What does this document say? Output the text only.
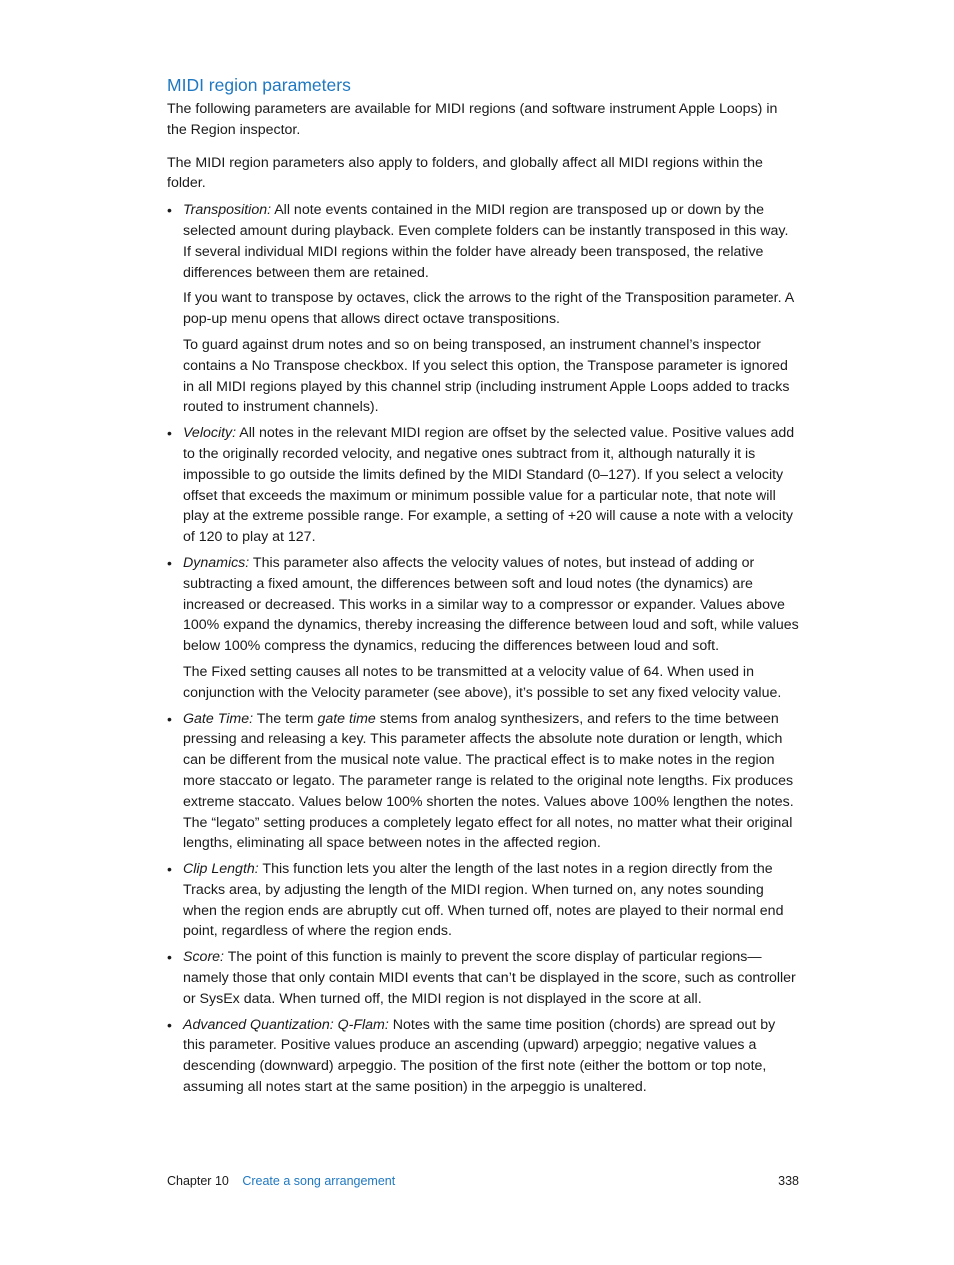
MIDI region parameters

The following parameters are available for MIDI regions (and software instrument Apple Loops) in the Region inspector.

The MIDI region parameters also apply to folders, and globally affect all MIDI regions within the folder.

• Transposition: All note events contained in the MIDI region are transposed up or down by the selected amount during playback. Even complete folders can be instantly transposed in this way. If several individual MIDI regions within the folder have already been transposed, the relative differences between them are retained.

If you want to transpose by octaves, click the arrows to the right of the Transposition parameter. A pop-up menu opens that allows direct octave transpositions.

To guard against drum notes and so on being transposed, an instrument channel’s inspector contains a No Transpose checkbox. If you select this option, the Transpose parameter is ignored in all MIDI regions played by this channel strip (including instrument Apple Loops added to tracks routed to instrument channels).

• Velocity: All notes in the relevant MIDI region are offset by the selected value. Positive values add to the originally recorded velocity, and negative ones subtract from it, although naturally it is impossible to go outside the limits defined by the MIDI Standard (0–127). If you select a velocity offset that exceeds the maximum or minimum possible value for a particular note, that note will play at the extreme possible range. For example, a setting of +20 will cause a note with a velocity of 120 to play at 127.

• Dynamics: This parameter also affects the velocity values of notes, but instead of adding or subtracting a fixed amount, the differences between soft and loud notes (the dynamics) are increased or decreased. This works in a similar way to a compressor or expander. Values above 100% expand the dynamics, thereby increasing the difference between loud and soft, while values below 100% compress the dynamics, reducing the differences between loud and soft.

The Fixed setting causes all notes to be transmitted at a velocity value of 64. When used in conjunction with the Velocity parameter (see above), it’s possible to set any fixed velocity value.

• Gate Time: The term gate time stems from analog synthesizers, and refers to the time between pressing and releasing a key. This parameter affects the absolute note duration or length, which can be different from the musical note value. The practical effect is to make notes in the region more staccato or legato. The parameter range is related to the original note lengths. Fix produces extreme staccato. Values below 100% shorten the notes. Values above 100% lengthen the notes. The “legato” setting produces a completely legato effect for all notes, no matter what their original lengths, eliminating all space between notes in the affected region.

• Clip Length: This function lets you alter the length of the last notes in a region directly from the Tracks area, by adjusting the length of the MIDI region. When turned on, any notes sounding when the region ends are abruptly cut off. When turned off, notes are played to their normal end point, regardless of where the region ends.

• Score: The point of this function is mainly to prevent the score display of particular regions—namely those that only contain MIDI events that can’t be displayed in the score, such as controller or SysEx data. When turned off, the MIDI region is not displayed in the score at all.

• Advanced Quantization: Q-Flam: Notes with the same time position (chords) are spread out by this parameter. Positive values produce an ascending (upward) arpeggio; negative values a descending (downward) arpeggio. The position of the first note (either the bottom or top note, assuming all notes start at the same position) in the arpeggio is unaltered.

Chapter 10 Create a song arrangement	338
